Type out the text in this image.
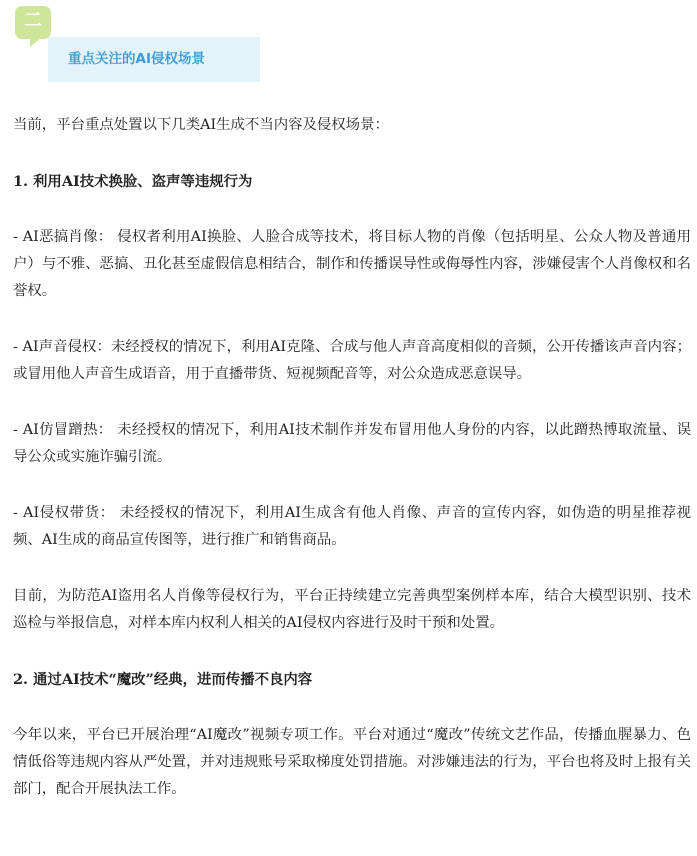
二
重点关注的AI侵权场景

当前，平台重点处置以下几类AI生成不当内容及侵权场景：

1. 利用AI技术换脸、盗声等违规行为

- AI恶搞肖像： 侵权者利用AI换脸、人脸合成等技术，将目标人物的肖像（包括明星、公众人物及普通用户）与不雅、恶搞、丑化甚至虚假信息相结合，制作和传播误导性或侮辱性内容，涉嫌侵害个人肖像权和名誉权。

- AI声音侵权：未经授权的情况下，利用AI克隆、合成与他人声音高度相似的音频，公开传播该声音内容；或冒用他人声音生成语音，用于直播带货、短视频配音等，对公众造成恶意误导。

- AI仿冒蹭热： 未经授权的情况下，利用AI技术制作并发布冒用他人身份的内容，以此蹭热博取流量、误导公众或实施诈骗引流。

- AI侵权带货： 未经授权的情况下，利用AI生成含有他人肖像、声音的宣传内容，如伪造的明星推荐视频、AI生成的商品宣传图等，进行推广和销售商品。

目前，为防范AI盗用名人肖像等侵权行为，平台正持续建立完善典型案例样本库，结合大模型识别、技术巡检与举报信息，对样本库内权利人相关的AI侵权内容进行及时干预和处置。

2. 通过AI技术“魔改”经典，进而传播不良内容

今年以来，平台已开展治理“AI魔改”视频专项工作。平台对通过“魔改”传统文艺作品，传播血腥暴力、色情低俗等违规内容从严处置，并对违规账号采取梯度处罚措施。对涉嫌违法的行为，平台也将及时上报有关部门，配合开展执法工作。
